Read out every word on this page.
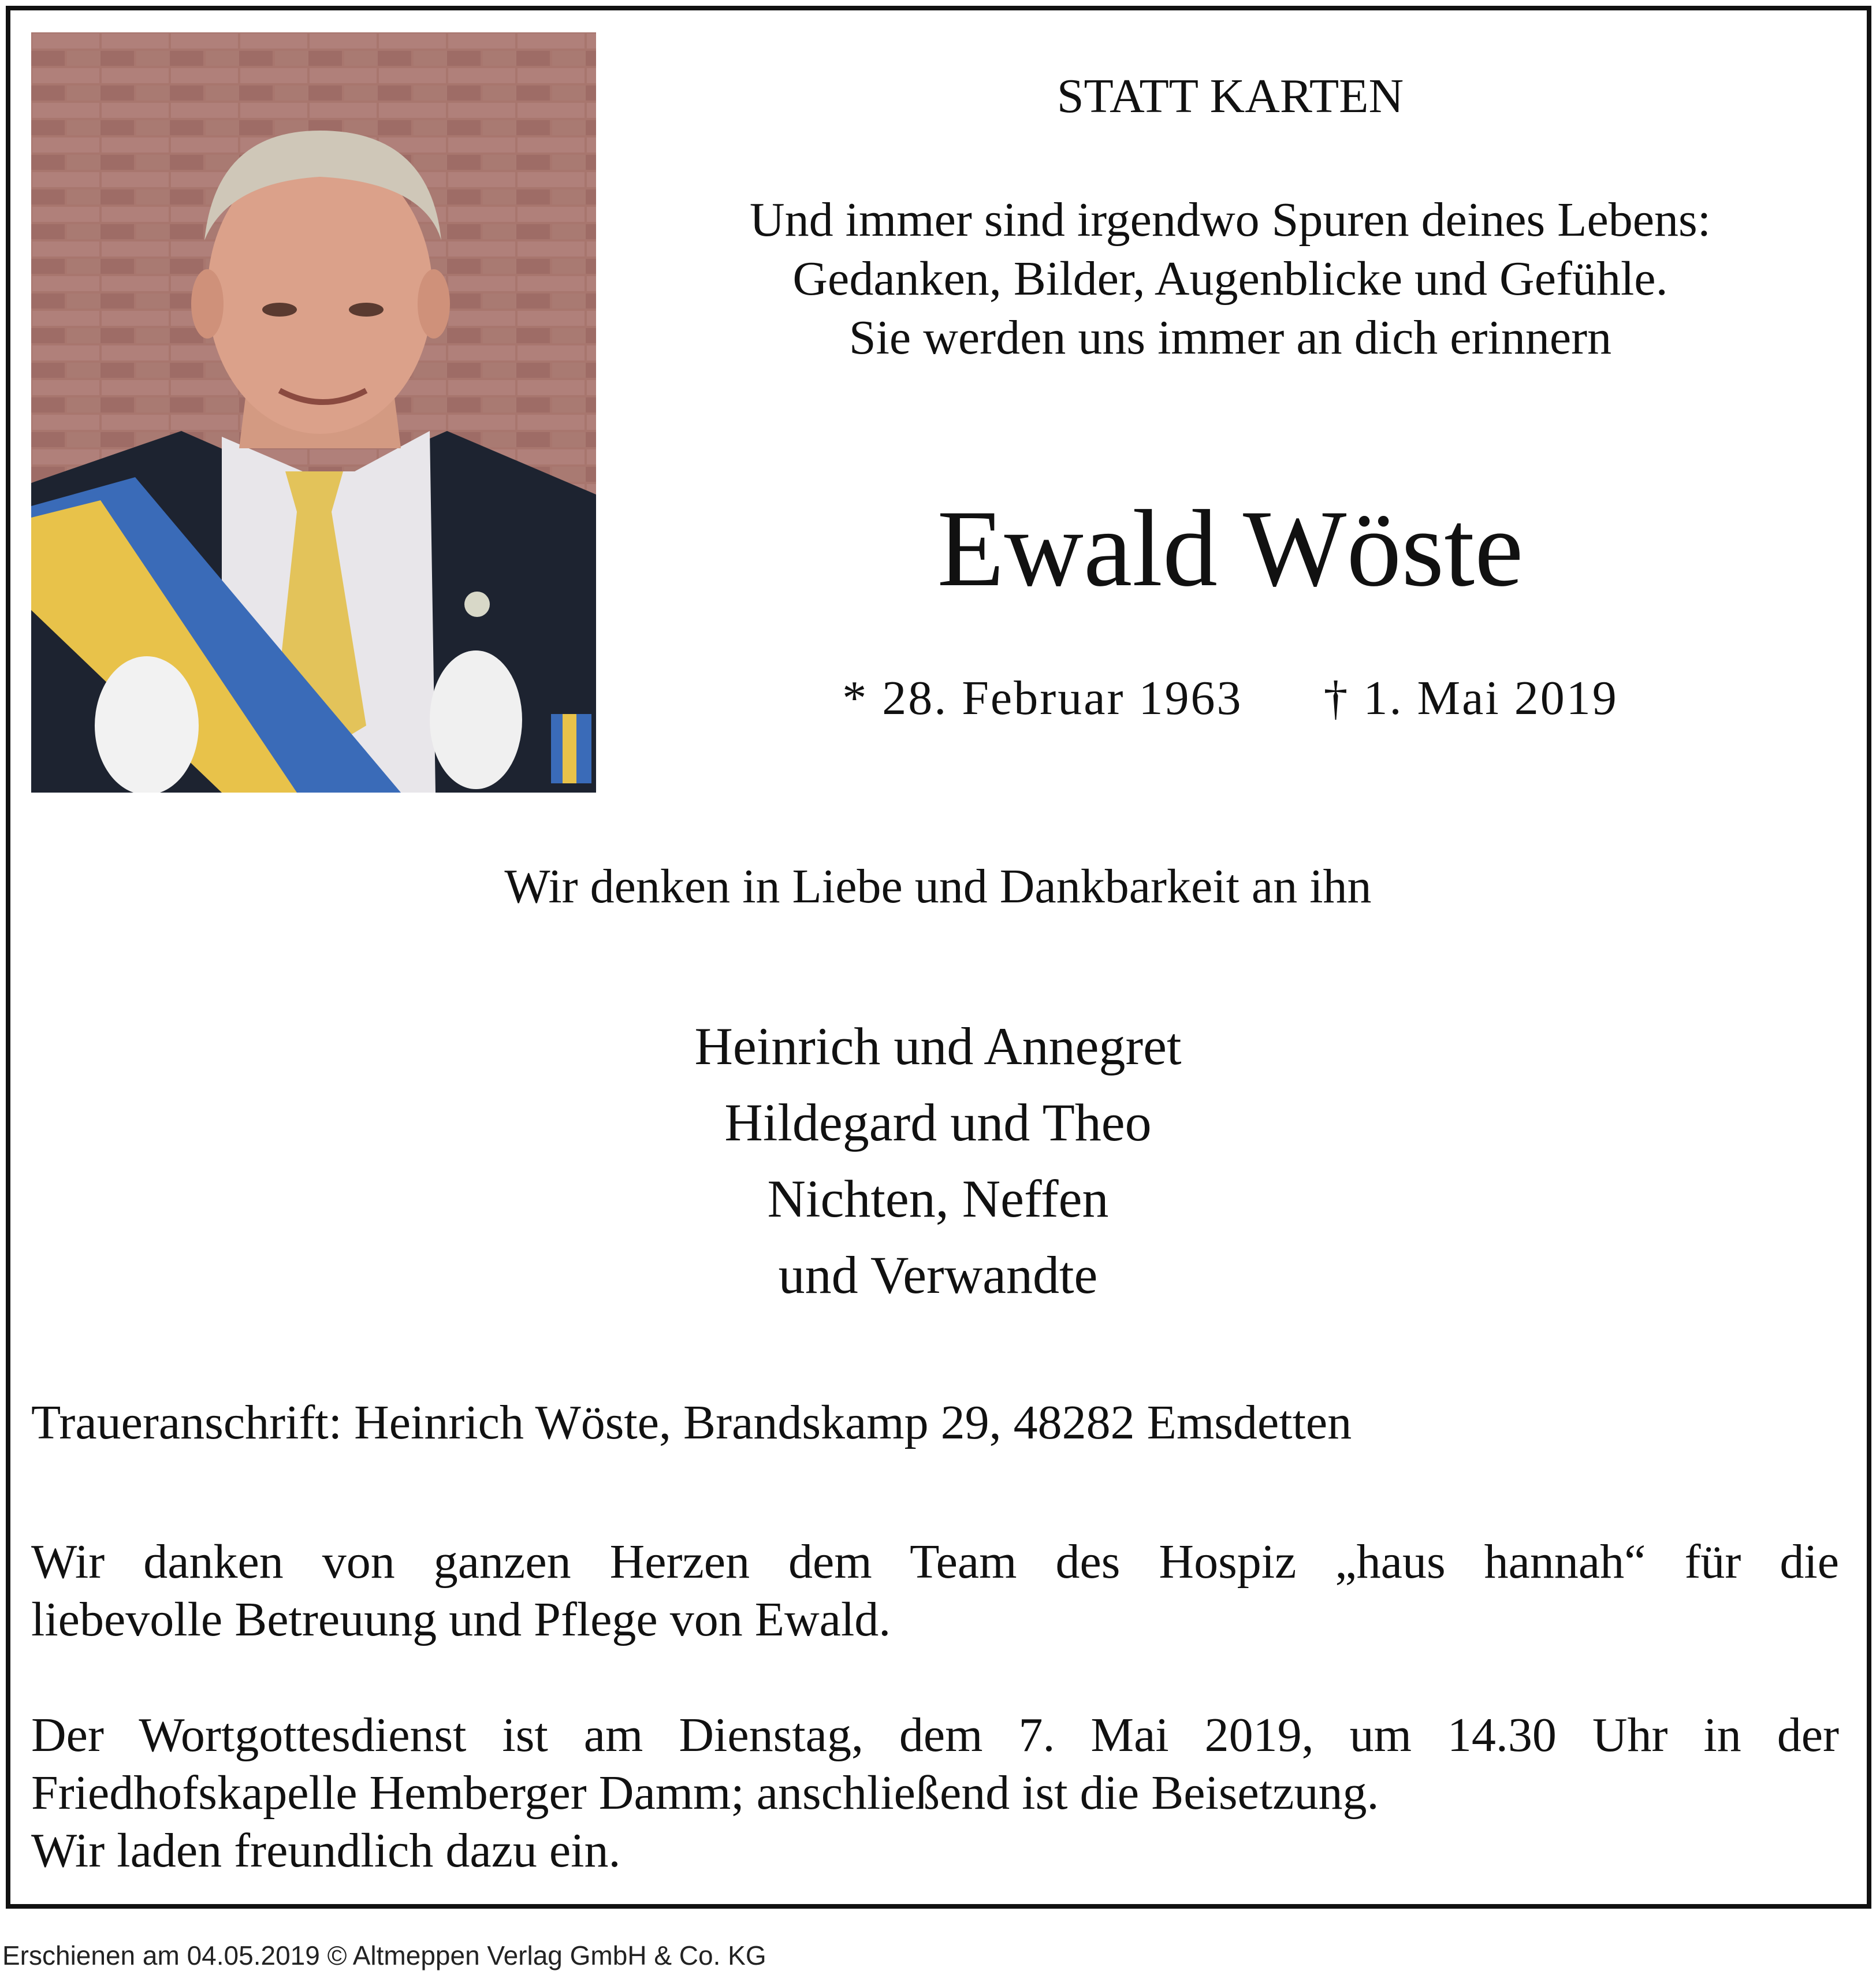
STATT KARTEN
Und immer sind irgendwo Spuren deines Lebens:
Gedanken, Bilder, Augenblicke und Gefühle.
Sie werden uns immer an dich erinnern
Ewald Wöste
* 28. Februar 1963 † 1. Mai 2019
Wir denken in Liebe und Dankbarkeit an ihn
Heinrich und Annegret
Hildegard und Theo
Nichten, Neffen
und Verwandte
Traueranschrift: Heinrich Wöste, Brandskamp 29, 48282 Emsdetten
Wir danken von ganzen Herzen dem Team des Hospiz „haus hannah“ für die
liebevolle Betreuung und Pflege von Ewald.
Der Wortgottesdienst ist am Dienstag, dem 7. Mai 2019, um 14.30 Uhr in der
Friedhofskapelle Hemberger Damm; anschließend ist die Beisetzung.
Wir laden freundlich dazu ein.
Erschienen am 04.05.2019 © Altmeppen Verlag GmbH & Co. KG
